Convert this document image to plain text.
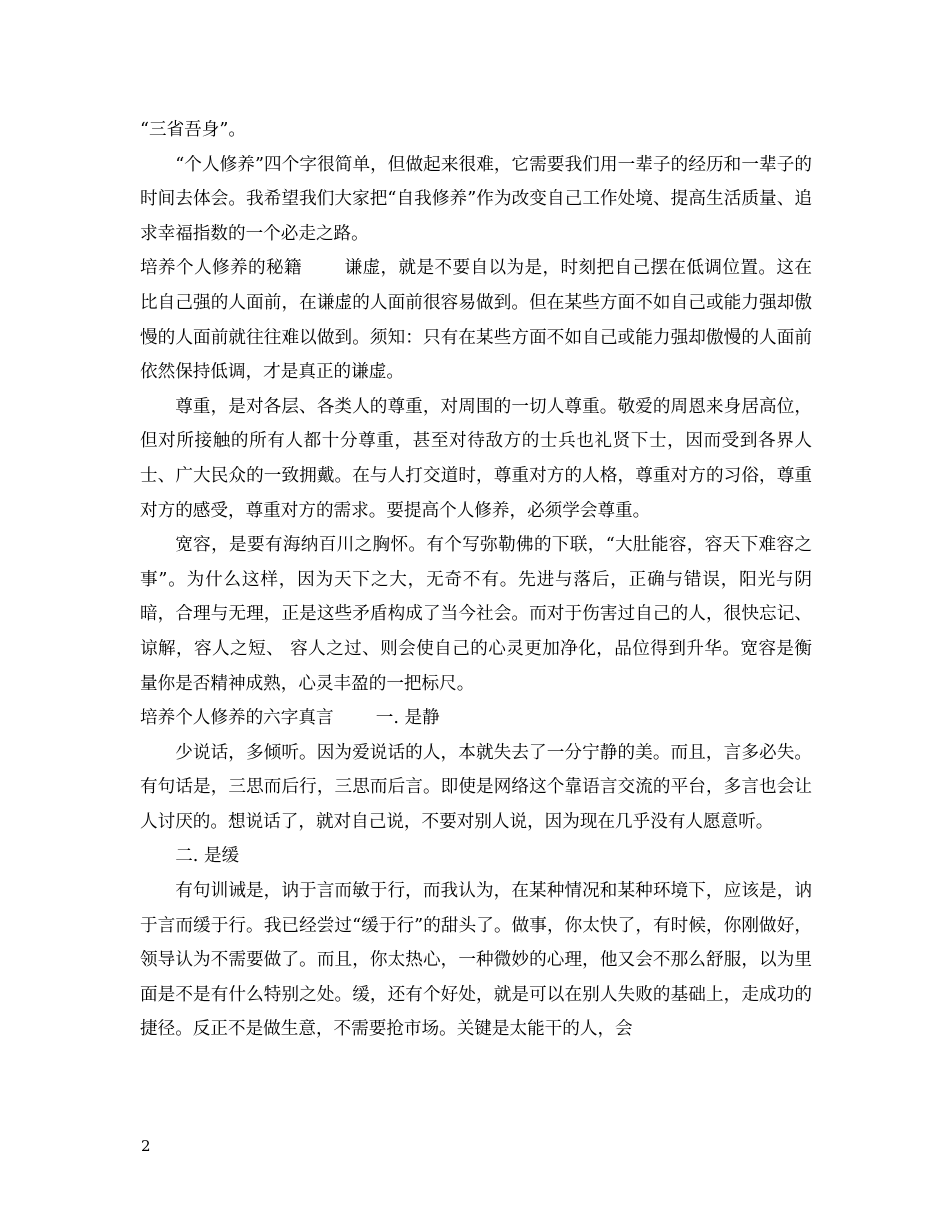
“三省吾身”。

“个人修养”四个字很简单，但做起来很难，它需要我们用一辈子的经历和一辈子的时间去体会。我希望我们大家把“自我修养”作为改变自己工作处境、提高生活质量、追求幸福指数的一个必走之路。

培养个人修养的秘籍 谦虚，就是不要自以为是，时刻把自己摆在低调位置。这在比自己强的人面前，在谦虚的人面前很容易做到。但在某些方面不如自己或能力强却傲慢的人面前就往往难以做到。须知：只有在某些方面不如自己或能力强却傲慢的人面前依然保持低调，才是真正的谦虚。

尊重，是对各层、各类人的尊重，对周围的一切人尊重。敬爱的周恩来身居高位，但对所接触的所有人都十分尊重，甚至对待敌方的士兵也礼贤下士，因而受到各界人士、广大民众的一致拥戴。在与人打交道时，尊重对方的人格，尊重对方的习俗，尊重对方的感受，尊重对方的需求。要提高个人修养，必须学会尊重。

宽容，是要有海纳百川之胸怀。有个写弥勒佛的下联，“大肚能容，容天下难容之事”。为什么这样，因为天下之大，无奇不有。先进与落后，正确与错误，阳光与阴暗，合理与无理，正是这些矛盾构成了当今社会。而对于伤害过自己的人，很快忘记、谅解，容人之短、 容人之过、则会使自己的心灵更加净化，品位得到升华。宽容是衡量你是否精神成熟，心灵丰盈的一把标尺。

培养个人修养的六字真言 一. 是静

少说话，多倾听。因为爱说话的人，本就失去了一分宁静的美。而且，言多必失。有句话是，三思而后行，三思而后言。即使是网络这个靠语言交流的平台，多言也会让人讨厌的。想说话了，就对自己说，不要对别人说，因为现在几乎没有人愿意听。

二. 是缓

有句训诫是，讷于言而敏于行，而我认为，在某种情况和某种环境下，应该是，讷于言而缓于行。我已经尝过“缓于行”的甜头了。做事，你太快了，有时候，你刚做好，领导认为不需要做了。而且，你太热心，一种微妙的心理，他又会不那么舒服，以为里面是不是有什么特别之处。缓，还有个好处，就是可以在别人失败的基础上，走成功的捷径。反正不是做生意，不需要抢市场。关键是太能干的人，会

2
